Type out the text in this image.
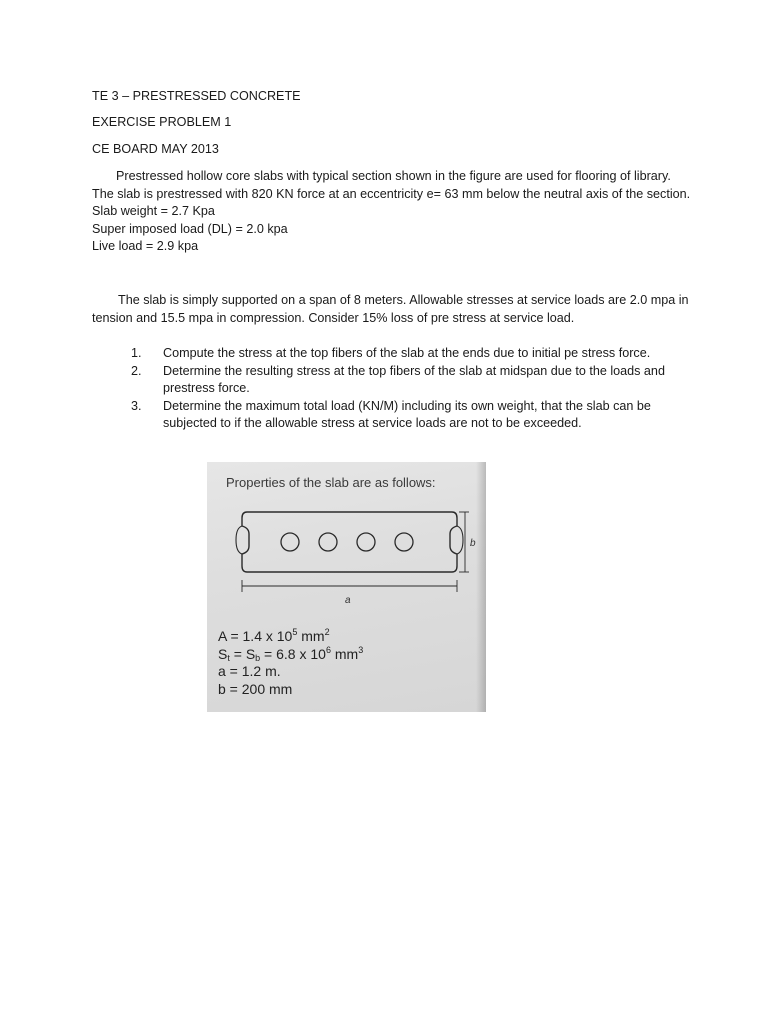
TE 3 – PRESTRESSED CONCRETE
EXERCISE PROBLEM 1
CE BOARD MAY 2013

Prestressed hollow core slabs with typical section shown in the figure are used for flooring of library. The slab is prestressed with 820 KN force at an eccentricity e= 63 mm below the neutral axis of the section.

Slab weight = 2.7 Kpa
Super imposed load (DL) = 2.0 kpa
Live load = 2.9 kpa

The slab is simply supported on a span of 8 meters. Allowable stresses at service loads are 2.0 mpa in tension and 15.5 mpa in compression. Consider 15% loss of pre stress at service load.

1. Compute the stress at the top fibers of the slab at the ends due to initial pe stress force.
2. Determine the resulting stress at the top fibers of the slab at midspan due to the loads and prestress force.
3. Determine the maximum total load (KN/M) including its own weight, that the slab can be subjected to if the allowable stress at service loads are not to be exceeded.
Properties of the slab are as follows:
a
b
A = 1.4 x $10^5$ $mm^2$
$S_t = S_b = 6.8$ x $10^6$ $mm^3$
a = 1.2 m.
b = 200 mm
